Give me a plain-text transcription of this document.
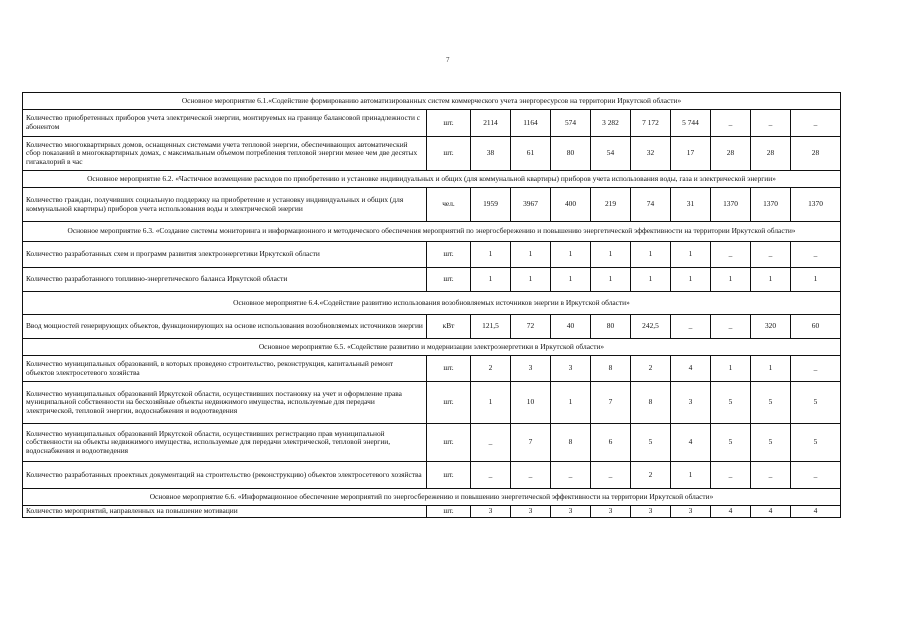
7
Основное мероприятие 6.1.«Содействие формированию автоматизированных систем коммерческого учета энергоресурсов на территории Иркутской области»										
Количество приобретенных приборов учета электрической энергии, монтируемых на границе балансовой принадлежности с абонентом	шт.	2114	1164	574	3 282	7 172	5 744	_	_	_
Количество многоквартирных домов, оснащенных системами учета тепловой энергии, обеспечивающих автоматический сбор показаний в многоквартирных домах, с максимальным объемом потребления тепловой энергии менее чем две десятых гигакалорий в час	шт.	38	61	80	54	32	17	28	28	28
Основное мероприятие 6.2. «Частичное возмещение расходов по приобретению и установке индивидуальных и общих (для коммунальной квартиры) приборов учета использования воды, газа и электрической энергии»										
Количество граждан, получивших социальную поддержку на приобретение и установку индивидуальных и общих (для коммунальной квартиры) приборов учета использования воды и электрической энергии	чел.	1959	3967	400	219	74	31	1370	1370	1370
Основное мероприятие 6.3. «Создание системы мониторинга и информационного и методического обеспечения мероприятий по энергосбережению и повышению энергетической эффективности на территории Иркутской области»										
Количество разработанных схем и программ развития электроэнергетики Иркутской области	шт.	1	1	1	1	1	1	_	_	_
Количество разработанного топливно-энергетического баланса Иркутской области	шт.	1	1	1	1	1	1	1	1	1
Основное мероприятие 6.4.«Содействие развитию использования возобновляемых источников энергии в Иркутской области»										
Ввод мощностей генерирующих объектов, функционирующих на основе использования возобновляемых источников энергии	кВт	121,5	72	40	80	242,5	_	_	320	60
Основное мероприятие 6.5. «Содействие развитию и модернизации электроэнергетики в Иркутской области»										
Количество муниципальных образований, в которых проведено строительство, реконструкция, капитальный ремонт объектов электросетевого хозяйства	шт.	2	3	3	8	2	4	1	1	_
Количество муниципальных образований Иркутской области, осуществивших постановку на учет и оформление права муниципальной собственности на бесхозяйные объекты недвижимого имущества, используемые для передачи электрической, тепловой энергии, водоснабжения и водоотведения	шт.	1	10	1	7	8	3	5	5	5
Количество муниципальных образований Иркутской области, осуществивших регистрацию прав муниципальной собственности на объекты недвижимого имущества, используемые для передачи электрической, тепловой энергии, водоснабжения и водоотведения	шт.	_	7	8	6	5	4	5	5	5
Количество разработанных проектных документаций на строительство (реконструкцию) объектов электросетевого хозяйства	шт.	_	_	_	_	2	1	_	_	_
Основное мероприятие 6.6. «Информационное обеспечение мероприятий по энергосбережению и повышению энергетической эффективности на территории Иркутской области»										
Количество мероприятий, направленных на повышение мотивации	шт.	3	3	3	3	3	3	4	4	4
